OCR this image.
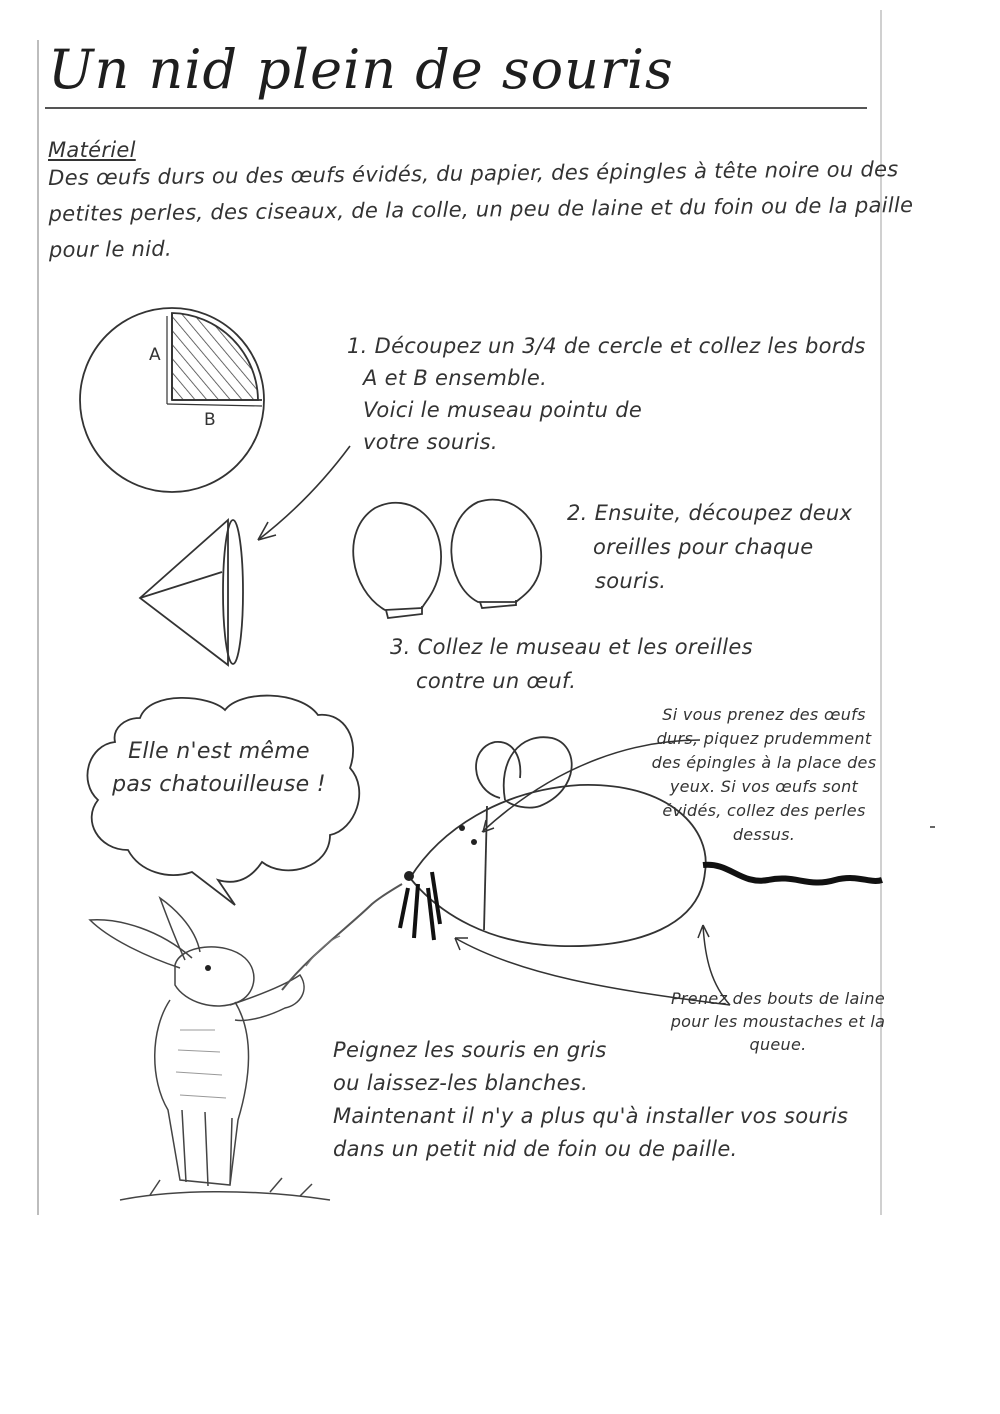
Un nid plein de souris
Matériel
Des œufs durs ou des œufs évidés, du papier, des épingles à tête noire ou des
petites perles, des ciseaux, de la colle, un peu de laine et du foin ou de la paille
pour le nid.
A
B
1. Découpez un 3/4 de cercle et collez les bords
A et B ensemble.
Voici le museau pointu de
votre souris.
2. Ensuite, découpez deux
oreilles pour chaque
souris.
3. Collez le museau et les oreilles
contre un œuf.
Elle n'est même pas chatouilleuse !
Si vous prenez des œufs durs, piquez prudemment des épingles à la place des yeux. Si vos œufs sont évidés, collez des perles dessus.
Prenez des bouts de laine pour les moustaches et la queue.
Peignez les souris en gris
ou laissez-les blanches.
Maintenant il n'y a plus qu'à installer vos souris
dans un petit nid de foin ou de paille.
